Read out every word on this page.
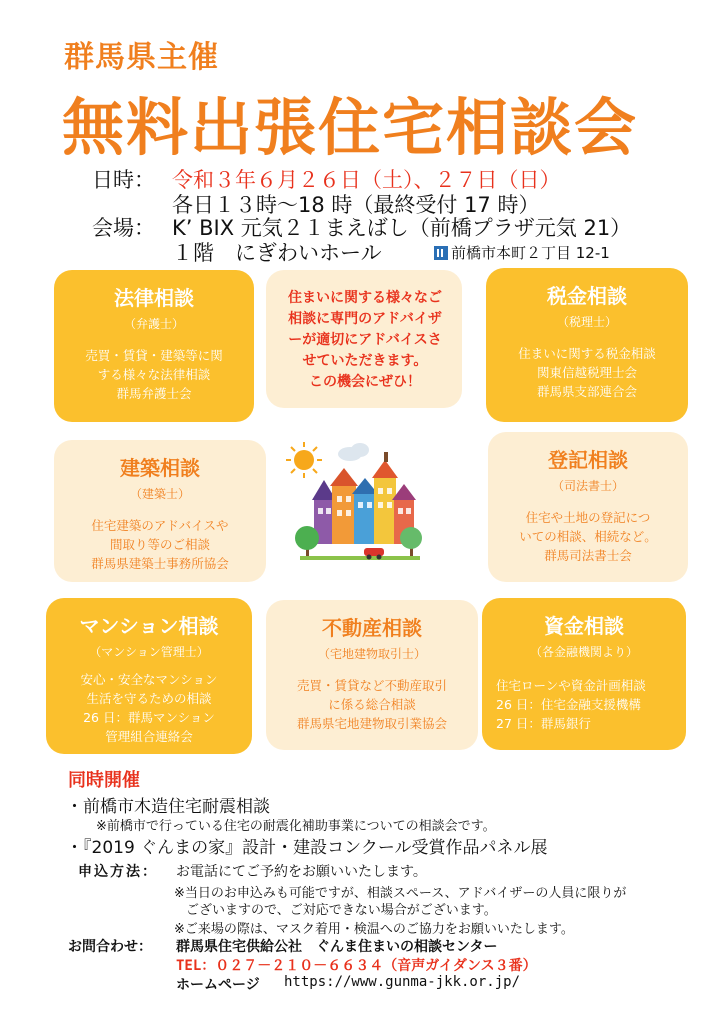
群馬県主催
無料出張住宅相談会
日時： 令和３年６月２６日（土）、２７日（日）
各日１３時～18 時（最終受付 17 時）
会場： K’ BIX 元気２１まえばし（前橋プラザ元気 21）
１階　にぎわいホール	前橋市本町２丁目 12-1
法律相談
（弁護士）
売買・賃貸・建築等に関
する様々な法律相談
群馬弁護士会
住まいに関する様々なご
相談に専門のアドバイザ
ーが適切にアドバイスさ
せていただきます。
この機会にぜひ！
税金相談
（税理士）
住まいに関する税金相談
関東信越税理士会
群馬県支部連合会
建築相談
（建築士）
住宅建築のアドバイスや
間取り等のご相談
群馬県建築士事務所協会
登記相談
（司法書士）
住宅や土地の登記につ
いての相談、相続など。
群馬司法書士会
マンション相談
（マンション管理士）
安心・安全なマンション
生活を守るための相談
26 日：群馬マンション
管理組合連絡会
不動産相談
（宅地建物取引士）
売買・賃貸など不動産取引
に係る総合相談
群馬県宅地建物取引業協会
資金相談
（各金融機関より）
住宅ローンや資金計画相談
26 日：住宅金融支援機構
27 日：群馬銀行
同時開催
・前橋市木造住宅耐震相談
※前橋市で行っている住宅の耐震化補助事業についての相談会です。
・『2019 ぐんまの家』設計・建設コンクール受賞作品パネル展
申込方法： お電話にてご予約をお願いいたします。
※当日のお申込みも可能ですが、相談スペース、アドバイザーの人員に限りが
ございますので、ご対応できない場合がございます。
※ご来場の際は、マスク着用・検温へのご協力をお願いいたします。
お問合わせ： 群馬県住宅供給公社　ぐんま住まいの相談センター
TEL：０２７－２１０－６６３４（音声ガイダンス３番）
ホームページ https://www.gunma-jkk.or.jp/
